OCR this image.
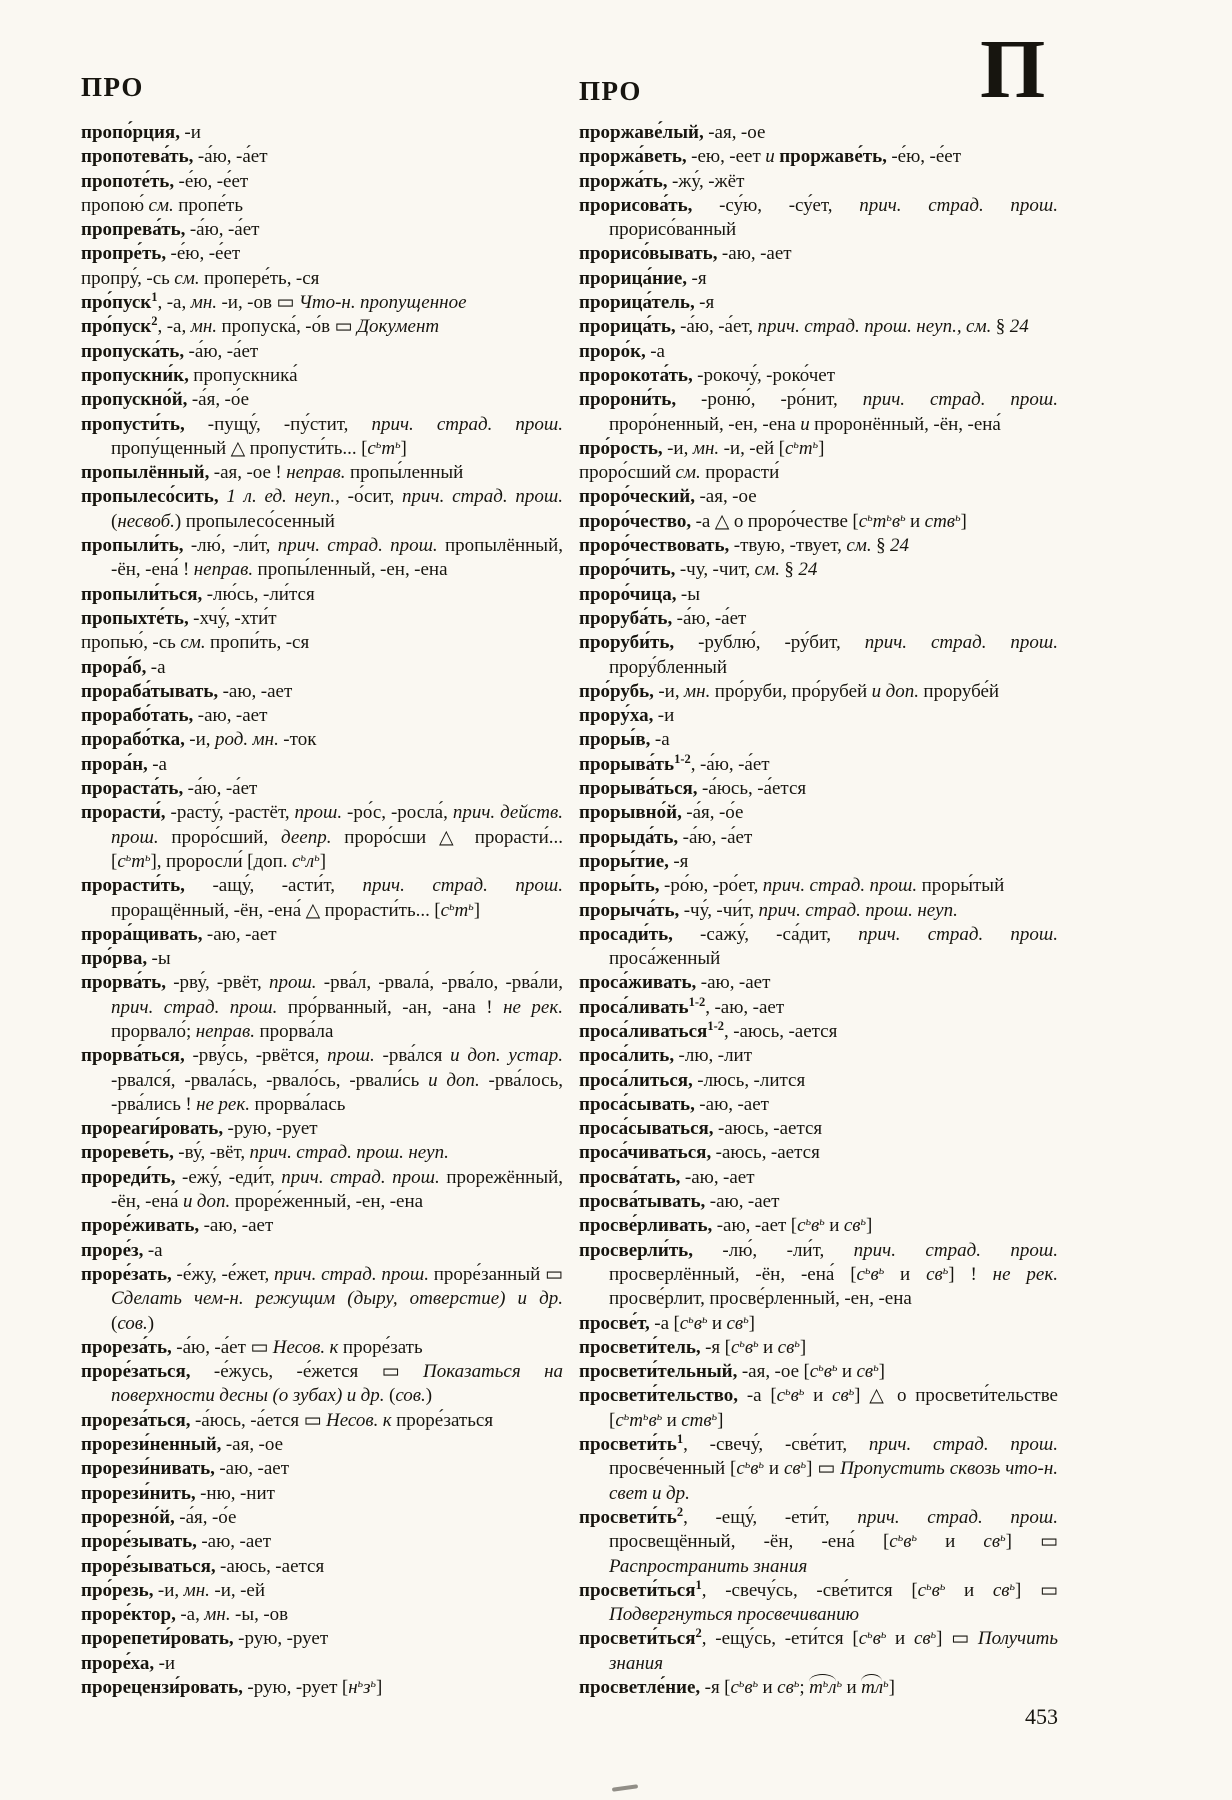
ПРО	ПРО	П
пропо́рция, -и
пропотева́ть, -а́ю, -а́ет
пропоте́ть, -е́ю, -е́ет
пропою́ см. пропе́ть
пропрева́ть, -а́ю, -а́ет
пропре́ть, -е́ю, -е́ет
пропру́, -сь см. пропере́ть, -ся
про́пуск$^1$, -а, мн. -и, -ов ▭ Что-н. пропущенное
про́пуск$^2$, -а, мн. пропуска́, -о́в ▭ Документ
пропуска́ть, -а́ю, -а́ет
пропускни́к, пропускника́
пропускно́й, -а́я, -о́е
пропусти́ть, -пущу́, -пу́стит, прич. страд. прош. пропу́щенный △ пропусти́ть... $[с^ьт^ь]$
пропылённый, -ая, -ое ! неправ. пропы́ленный
пропылесо́сить, 1 л. ед. неуп., -о́сит, прич. страд. прош. (несвоб.) пропылесо́сенный
пропыли́ть, -лю́, -ли́т, прич. страд. прош. пропылённый, -ён, -ена́ ! неправ. пропы́ленный, -ен, -ена
пропыли́ться, -лю́сь, -ли́тся
пропыхте́ть, -хчу́, -хти́т
пропью́, -сь см. пропи́ть, -ся
прора́б, -а
прораба́тывать, -аю, -ает
прорабо́тать, -аю, -ает
прорабо́тка, -и, род. мн. -ток
прора́н, -а
прораста́ть, -а́ю, -а́ет
прорасти́, -расту́, -растёт, прош. -ро́с, -росла́, прич. действ. прош. проро́сший, деепр. проро́сши △ прорасти́... $[с^ьт^ь]$, проросли́ [доп. $с^ьл^ь$]
прорасти́ть, -ащу́, -асти́т, прич. страд. прош. проращённый, -ён, -ена́ △ прорасти́ть... $[с^ьт^ь]$
прора́щивать, -аю, -ает
про́рва, -ы
прорва́ть, -рву́, -рвёт, прош. -рва́л, -рвала́, -рва́ло, -рва́ли, прич. страд. прош. про́рванный, -ан, -ана ! не рек. прорвало́; неправ. прорва́ла
прорва́ться, -рву́сь, -рвётся, прош. -рва́лся и доп. устар. -рвался́, -рвала́сь, -рвало́сь, -рвали́сь и доп. -рва́лось, -рва́лись ! не рек. прорва́лась
прореаги́ровать, -рую, -рует
прореве́ть, -ву́, -вёт, прич. страд. прош. неуп.
прореди́ть, -ежу́, -еди́т, прич. страд. прош. прорежённый, -ён, -ена́ и доп. проре́женный, -ен, -ена
проре́живать, -аю, -ает
проре́з, -а
проре́зать, -е́жу, -е́жет, прич. страд. прош. проре́занный ▭ Сделать чем-н. режущим (дыру, отверстие) и др. (сов.)
прореза́ть, -а́ю, -а́ет ▭ Несов. к проре́зать
проре́заться, -е́жусь, -е́жется ▭ Показаться на поверхности десны (о зубах) и др. (сов.)
прореза́ться, -а́юсь, -а́ется ▭ Несов. к проре́заться
прорези́ненный, -ая, -ое
прорези́нивать, -аю, -ает
прорези́нить, -ню, -нит
прорезно́й, -а́я, -о́е
проре́зывать, -аю, -ает
проре́зываться, -аюсь, -ается
про́резь, -и, мн. -и, -ей
проре́ктор, -а, мн. -ы, -ов
прорепети́ровать, -рую, -рует
проре́ха, -и
прорецензи́ровать, -рую, -рует $[н^ьз^ь]$
проржаве́лый, -ая, -ое
проржа́веть, -ею, -еет и проржаве́ть, -е́ю, -е́ет
проржа́ть, -жу́, -жёт
прорисова́ть, -су́ю, -су́ет, прич. страд. прош. прорисо́ванный
прорисо́вывать, -аю, -ает
прорица́ние, -я
прорица́тель, -я
прорица́ть, -а́ю, -а́ет, прич. страд. прош. неуп., см. § 24
проро́к, -а
пророкота́ть, -рокочу́, -роко́чет
пророни́ть, -роню́, -ро́нит, прич. страд. прош. проро́ненный, -ен, -ена и проронённый, -ён, -ена́
про́рость, -и, мн. -и, -ей $[с^ьт^ь]$
проро́сший см. прорасти́
проро́ческий, -ая, -ое
проро́чество, -а △ о проро́честве [$с^ьт^ьв^ь$ и ств$^ь$]
проро́чествовать, -твую, -твует, см. § 24
проро́чить, -чу, -чит, см. § 24
проро́чица, -ы
проруба́ть, -а́ю, -а́ет
проруби́ть, -рублю́, -ру́бит, прич. страд. прош. прору́бленный
про́рубь, -и, мн. про́руби, про́рубей и доп. прорубе́й
прору́ха, -и
проры́в, -а
$прорыва́ть^{1-2}$, -а́ю, -а́ет
прорыва́ться, -а́юсь, -а́ется
прорывно́й, -а́я, -о́е
прорыда́ть, -а́ю, -а́ет
проры́тие, -я
проры́ть, -ро́ю, -ро́ет, прич. страд. прош. проры́тый
прорыча́ть, -чу́, -чи́т, прич. страд. прош. неуп.
просади́ть, -сажу́, -са́дит, прич. страд. прош. проса́женный
проса́живать, -аю, -ает
проса́ливать$^{1-2}$, -аю, -ает
проса́ливаться$^{1-2}$, -аюсь, -ается
проса́лить, -лю, -лит
проса́литься, -люсь, -лится
проса́сывать, -аю, -ает
проса́сываться, -аюсь, -ается
проса́чиваться, -аюсь, -ается
просва́тать, -аю, -ает
просва́тывать, -аю, -ает
просве́рливать, -аю, -ает [$с^ьв^ь$ и $св^ь$]
просверли́ть, -лю́, -ли́т, прич. страд. прош. просверлённый, -ён, -ена́ [$с^ьв^ь$ и $св^ь$] ! не рек. просве́рлит, просве́рленный, -ен, -ена
просве́т, -а [$с^ьв^ь$ и $св^ь$]
просвети́тель, -я [$с^ьв^ь$ и $св^ь$]
просвети́тельный, -ая, -ое [$с^ьв^ь$ и $св^ь$]
просвети́тельство, -а [$с^ьв^ь$ и $св^ь$] △ о просвети́тельстве [$с^ьт^ьв^ь$ и ств$^ь$]
$просвети́ть^1$, -свечу́, -све́тит, прич. страд. прош. просве́ченный [$с^ьв^ь$ и $св^ь$] ▭ Пропустить сквозь что-н. свет и др.
$просвети́ть^2$, -ещу́, -ети́т, прич. страд. прош. просвещённый, -ён, -ена́ [$с^ьв^ь$ и $св^ь$] ▭ Распространить знания
просвети́ться$^1$, -свечу́сь, -све́тится [$с^ьв^ь$ и $св^ь$] ▭ Подвергнуться просвечиванию
просвети́ться$^2$, -ещу́сь, -ети́тся [$с^ьв^ь$ и $св^ь$] ▭ Получить знания
просветле́ние, -я [$с^ьв^ь$ и $св^ь$; $т^ьл^ь$ и $тл^ь$]
453
